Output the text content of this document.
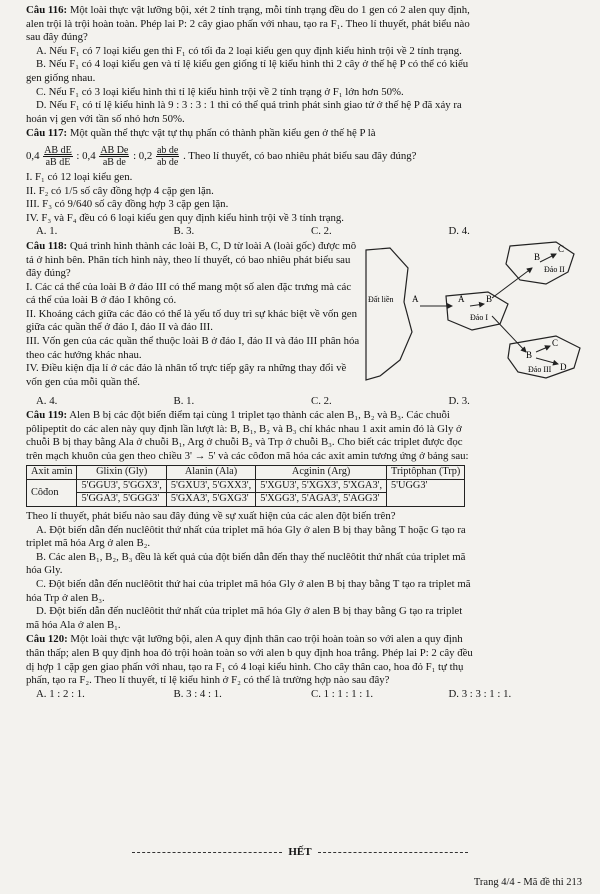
Câu 116: Một loài thực vật lưỡng bội, xét 2 tính trạng, mỗi tính trạng đều do 1 gen có 2 alen quy định,
alen trội là trội hoàn toàn. Phép lai P: 2 cây giao phấn với nhau, tạo ra F₁. Theo lí thuyết, phát biểu nào
sau đây đúng?
A. Nếu F₁ có 7 loại kiểu gen thì F₁ có tối đa 2 loại kiểu gen quy định kiểu hình trội về 2 tính trạng.
B. Nếu F₁ có 4 loại kiểu gen và tỉ lệ kiểu gen giống tỉ lệ kiểu hình thì 2 cây ở thế hệ P có thể có kiểu
gen giống nhau.
C. Nếu F₁ có 3 loại kiểu hình thì tỉ lệ kiểu hình trội về 2 tính trạng ở F₁ lớn hơn 50%.
D. Nếu F₁ có tỉ lệ kiểu hình là 9 : 3 : 3 : 1 thì có thể quá trình phát sinh giao tử ở thế hệ P đã xảy ra
hoán vị gen với tần số nhỏ hơn 50%.
Câu 117: Một quần thể thực vật tự thụ phấn có thành phần kiểu gen ở thế hệ P là
$0,4 \frac{\text{AB dE}}{\text{aB dE}}$ : $0,4 \frac{\text{AB De}}{\text{aB de}}$ : $0,2 \frac{\text{ab de}}{\text{ab de}}$ . Theo lí thuyết, có bao nhiêu phát biểu sau đây đúng?
I. F₁ có 12 loại kiểu gen.
II. F₂ có 1/5 số cây đồng hợp 4 cặp gen lặn.
III. F₃ có 9/640 số cây đồng hợp 3 cặp gen lặn.
IV. F₃ và F₄ đều có 6 loại kiểu gen quy định kiểu hình trội về 3 tính trạng.
A. 1.	B. 3.	C. 2.	D. 4.
Câu 118: Quá trình hình thành các loài B, C, D từ loài A (loài gốc) được mô tả ở hình bên. Phân tích hình này, theo lí thuyết, có bao nhiêu phát biểu sau đây đúng?
I. Các cá thể của loài B ở đảo III có thể mang một số alen đặc trưng mà các cá thể của loài B ở đảo I không có.
II. Khoảng cách giữa các đảo có thể là yếu tố duy trì sự khác biệt về vốn gen giữa các quần thể ở đảo I, đảo II và đảo III.
III. Vốn gen của các quần thể thuộc loài B ở đảo I, đảo II và đảo III phân hóa theo các hướng khác nhau.
IV. Điều kiện địa lí ở các đảo là nhân tố trực tiếp gây ra những thay đổi về vốn gen của mỗi quần thể.
Đất liền A	A B
Đảo I
B
C
Đảo II
B
C
D
Đảo III
A. 4.	B. 1.	C. 2.	D. 3.
Câu 119: Alen B bị các đột biến điểm tại cùng 1 triplet tạo thành các alen B₁, B₂ và B₃. Các chuỗi
pôlipeptit do các alen này quy định lần lượt là: B, B₁, B₂ và B₃ chỉ khác nhau 1 axit amin đó là Gly ở
chuỗi B bị thay bằng Ala ở chuỗi B₁, Arg ở chuỗi B₂ và Trp ở chuỗi B₃. Cho biết các triplet được đọc
trên mạch khuôn của gen theo chiều 3' → 5' và các côđon mã hóa các axit amin tương ứng ở bảng sau:
Axit amin	Glixin (Gly)	Alanin (Ala)	Acginin (Arg)	Triptôphan (Trp)
Côđon	5'GGU3', 5'GGX3',	5'GXU3', 5'GXX3',	5'XGU3', 5'XGX3', 5'XGA3',	5'UGG3'
	5'GGA3', 5'GGG3'	5'GXA3', 5'GXG3'	5'XGG3', 5'AGA3', 5'AGG3'	
Theo lí thuyết, phát biểu nào sau đây đúng về sự xuất hiện của các alen đột biến trên?
A. Đột biến dẫn đến nuclêôtit thứ nhất của triplet mã hóa Gly ở alen B bị thay bằng T hoặc G tạo ra
triplet mã hóa Arg ở alen B₂.
B. Các alen B₁, B₂, B₃ đều là kết quả của đột biến dẫn đến thay thế nuclêôtit thứ nhất của triplet mã
hóa Gly.
C. Đột biến dẫn đến nuclêôtit thứ hai của triplet mã hóa Gly ở alen B bị thay bằng T tạo ra triplet mã
hóa Trp ở alen B₃.
D. Đột biến dẫn đến nuclêôtit thứ nhất của triplet mã hóa Gly ở alen B bị thay bằng G tạo ra triplet
mã hóa Ala ở alen B₁.
Câu 120: Một loài thực vật lưỡng bội, alen A quy định thân cao trội hoàn toàn so với alen a quy định
thân thấp; alen B quy định hoa đỏ trội hoàn toàn so với alen b quy định hoa trắng. Phép lai P: 2 cây đều
dị hợp 1 cặp gen giao phấn với nhau, tạo ra F₁ có 4 loại kiểu hình. Cho cây thân cao, hoa đỏ F₁ tự thụ
phấn, tạo ra F₂. Theo lí thuyết, tỉ lệ kiểu hình ở F₂ có thể là trường hợp nào sau đây?
A. 1 : 2 : 1.	B. 3 : 4 : 1.	C. 1 : 1 : 1 : 1.	D. 3 : 3 : 1 : 1.
HẾT
Trang 4/4 - Mã đề thi 213
